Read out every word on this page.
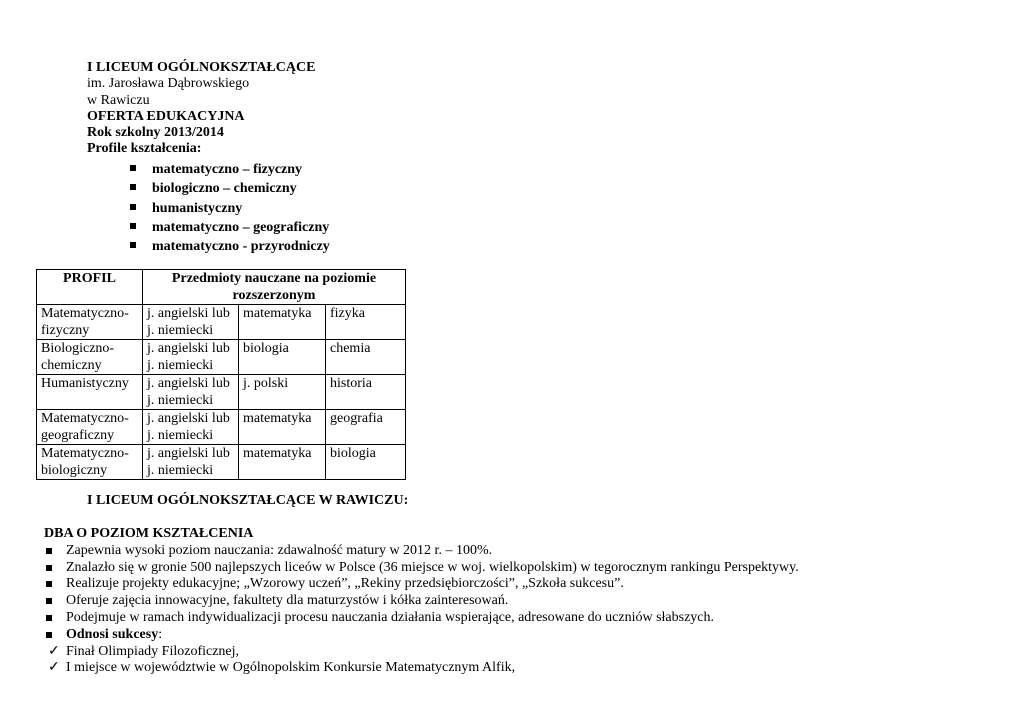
I LICEUM OGÓLNOKSZTAŁCĄCE
im. Jarosława Dąbrowskiego
w Rawiczu
OFERTA EDUKACYJNA
Rok szkolny 2013/2014
Profile kształcenia:
matematyczno – fizyczny
biologiczno – chemiczny
humanistyczny
matematyczno – geograficzny
matematyczno - przyrodniczy
PROFIL	Przedmioty nauczane na poziomie rozszerzonym		
Matematyczno-fizyczny	j. angielski lub j. niemiecki	matematyka	fizyka
Biologiczno-chemiczny	j. angielski lub j. niemiecki	biologia	chemia
Humanistyczny	j. angielski lub j. niemiecki	j. polski	historia
Matematyczno-geograficzny	j. angielski lub j. niemiecki	matematyka	geografia
Matematyczno-biologiczny	j. angielski lub j. niemiecki	matematyka	biologia
I LICEUM OGÓLNOKSZTAŁCĄCE W RAWICZU:
DBA O POZIOM KSZTAŁCENIA
Zapewnia wysoki poziom nauczania: zdawalność matury w 2012 r. – 100%.
Znalazło się w gronie 500 najlepszych liceów w Polsce (36 miejsce w woj. wielkopolskim) w tegorocznym rankingu Perspektywy.
Realizuje projekty edukacyjne; „Wzorowy uczeń”, „Rekiny przedsiębiorczości”, „Szkoła sukcesu”.
Oferuje zajęcia innowacyjne, fakultety dla maturzystów i kółka zainteresowań.
Podejmuje w ramach indywidualizacji procesu nauczania działania wspierające, adresowane do uczniów słabszych.
Odnosi sukcesy:
✓ Finał Olimpiady Filozoficznej,
✓ I miejsce w województwie w Ogólnopolskim Konkursie Matematycznym Alfik,
